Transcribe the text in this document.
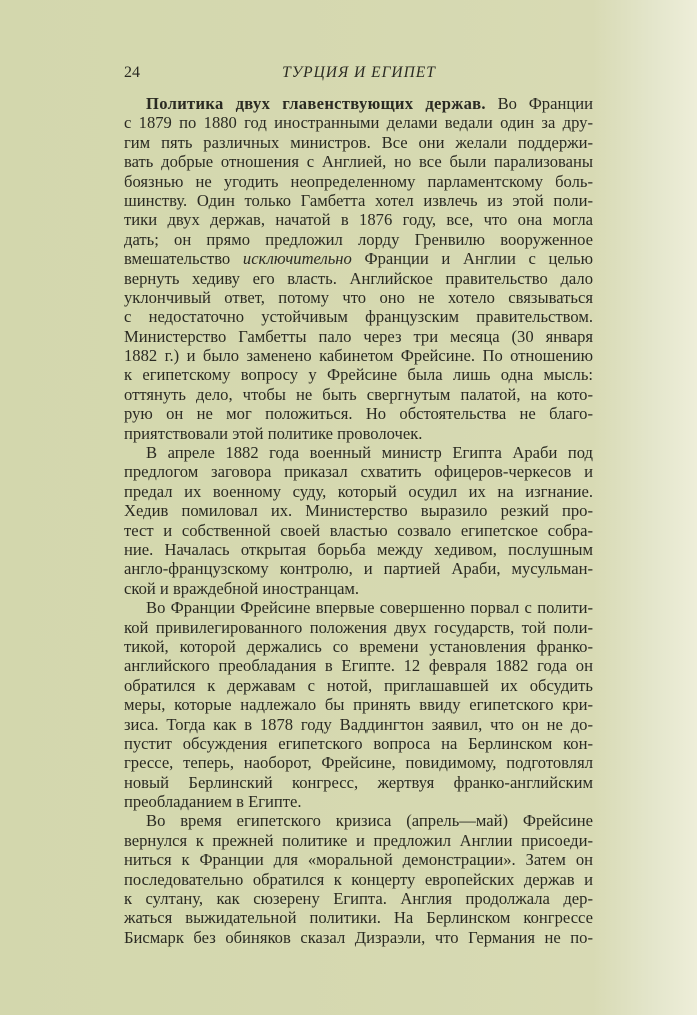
24	ТУРЦИЯ И ЕГИПЕТ
Политика двух главенствующих держав. Во Франции
с 1879 по 1880 год иностранными делами ведали один за дру-
гим пять различных министров. Все они желали поддержи-
вать добрые отношения с Англией, но все были парализованы
боязнью не угодить неопределенному парламентскому боль-
шинству. Один только Гамбетта хотел извлечь из этой поли-
тики двух держав, начатой в 1876 году, все, что она могла
дать; он прямо предложил лорду Гренвилю вооруженное
вмешательство исключительно Франции и Англии с целью
вернуть хедиву его власть. Английское правительство дало
уклончивый ответ, потому что оно не хотело связываться
с недостаточно устойчивым французским правительством.
Министерство Гамбетты пало через три месяца (30 января
1882 г.) и было заменено кабинетом Фрейсине. По отношению
к египетскому вопросу у Фрейсине была лишь одна мысль:
оттянуть дело, чтобы не быть свергнутым палатой, на кото-
рую он не мог положиться. Но обстоятельства не благо-
приятствовали этой политике проволочек.
В апреле 1882 года военный министр Египта Араби под
предлогом заговора приказал схватить офицеров-черкесов и
предал их военному суду, который осудил их на изгнание.
Хедив помиловал их. Министерство выразило резкий про-
тест и собственной своей властью созвало египетское собра-
ние. Началась открытая борьба между хедивом, послушным
англо-французскому контролю, и партией Араби, мусульман-
ской и враждебной иностранцам.
Во Франции Фрейсине впервые совершенно порвал с полити-
кой привилегированного положения двух государств, той поли-
тикой, которой держались со времени установления франко-
английского преобладания в Египте. 12 февраля 1882 года он
обратился к державам с нотой, приглашавшей их обсудить
меры, которые надлежало бы принять ввиду египетского кри-
зиса. Тогда как в 1878 году Ваддингтон заявил, что он не до-
пустит обсуждения египетского вопроса на Берлинском кон-
грессе, теперь, наоборот, Фрейсине, повидимому, подготовлял
новый Берлинский конгресс, жертвуя франко-английским
преобладанием в Египте.
Во время египетского кризиса (апрель—май) Фрейсине
вернулся к прежней политике и предложил Англии присоеди-
ниться к Франции для «моральной демонстрации». Затем он
последовательно обратился к концерту европейских держав и
к султану, как сюзерену Египта. Англия продолжала дер-
жаться выжидательной политики. На Берлинском конгрессе
Бисмарк без обиняков сказал Дизраэли, что Германия не по-
